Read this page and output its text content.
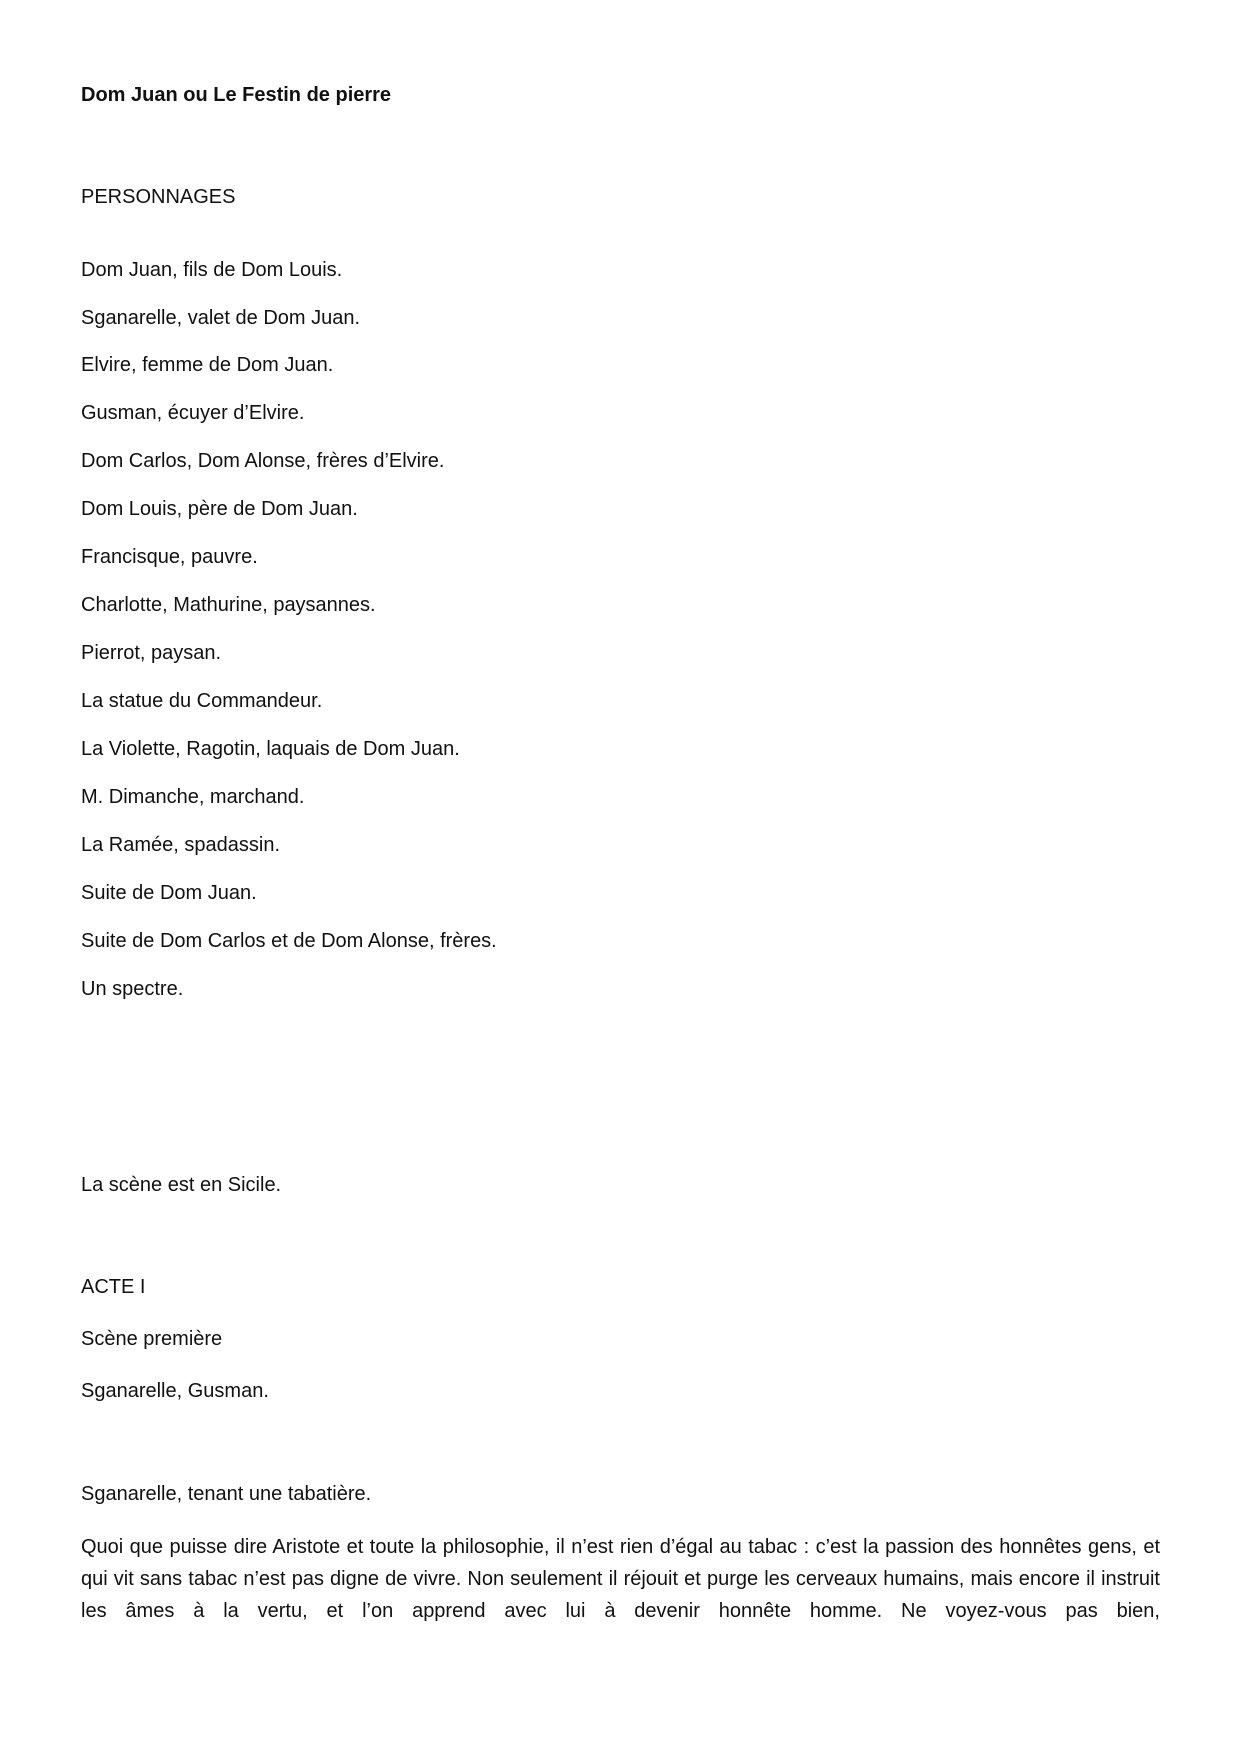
Dom Juan ou Le Festin de pierre
PERSONNAGES
Dom Juan, fils de Dom Louis.
Sganarelle, valet de Dom Juan.
Elvire, femme de Dom Juan.
Gusman, écuyer d’Elvire.
Dom Carlos, Dom Alonse, frères d’Elvire.
Dom Louis, père de Dom Juan.
Francisque, pauvre.
Charlotte, Mathurine, paysannes.
Pierrot, paysan.
La statue du Commandeur.
La Violette, Ragotin, laquais de Dom Juan.
M. Dimanche, marchand.
La Ramée, spadassin.
Suite de Dom Juan.
Suite de Dom Carlos et de Dom Alonse, frères.
Un spectre.
La scène est en Sicile.
ACTE I
Scène première
Sganarelle, Gusman.
Sganarelle, tenant une tabatière.
Quoi que puisse dire Aristote et toute la philosophie, il n’est rien d’égal au tabac : c’est la passion des honnêtes gens, et qui vit sans tabac n’est pas digne de vivre. Non seulement il réjouit et purge les cerveaux humains, mais encore il instruit les âmes à la vertu, et l’on apprend avec lui à devenir honnête homme. Ne voyez-vous pas bien,
